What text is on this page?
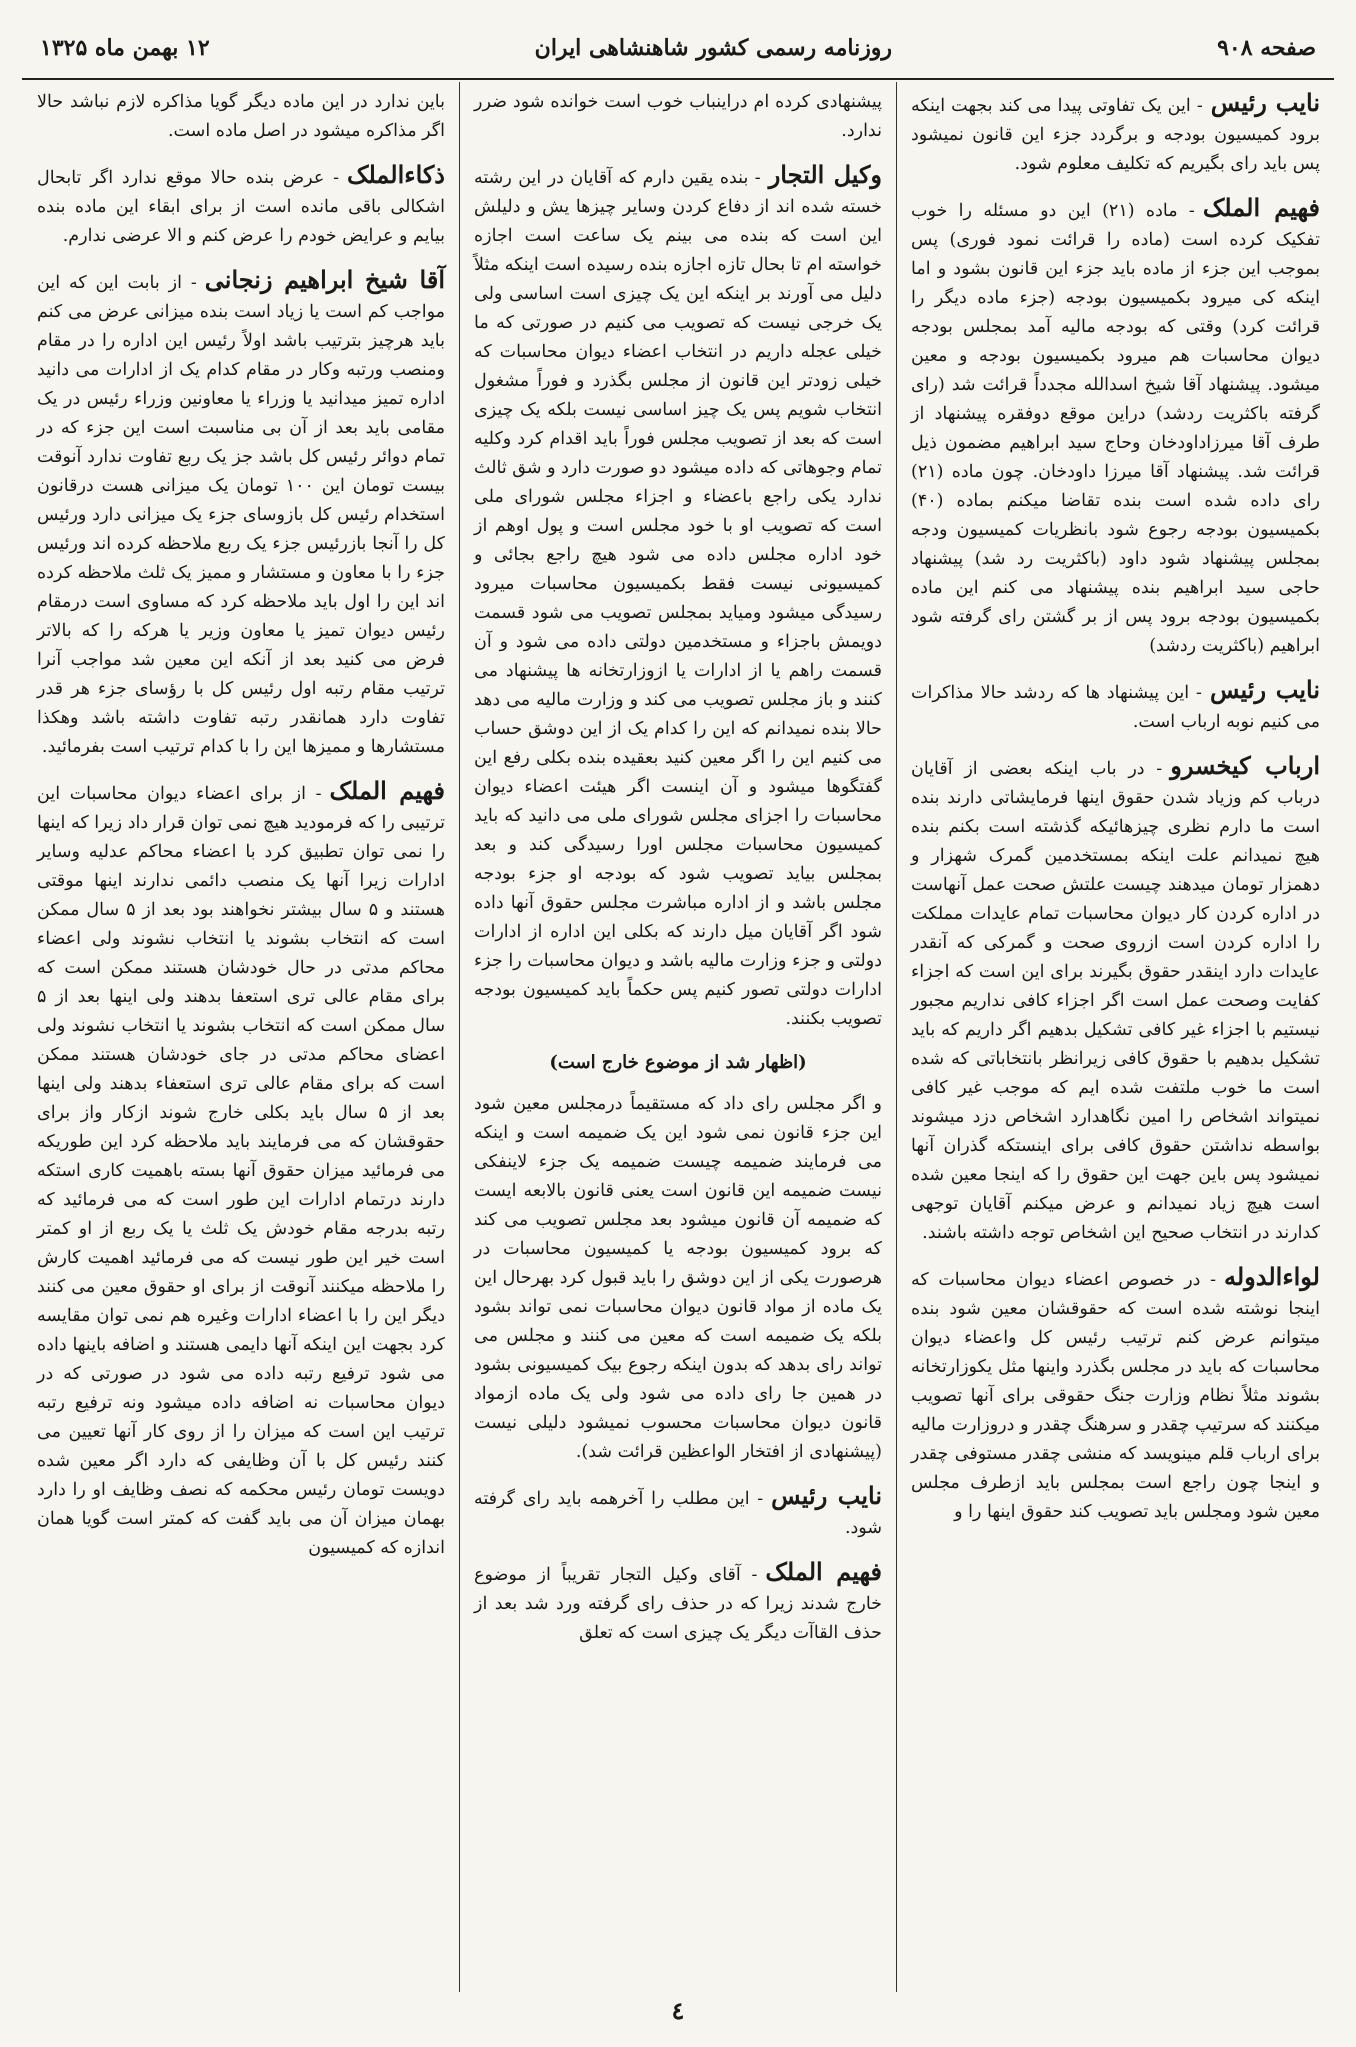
صفحه ۹۰۸
روزنامه رسمی کشور شاهنشاهی ایران
۱۲ بهمن ماه ۱۳۲۵
نایب رئیس- این یک تفاوتی پیدا می کند بجهت اینکه برود کمیسیون بودجه و برگردد جزء این قانون نمیشود پس باید رای بگیریم که تکلیف معلوم شود.
فهیم الملک- ماده (۲۱) این دو مسئله را خوب تفکیک کرده است (ماده را قرائت نمود فوری) پس بموجب این جزء از ماده باید جزء این قانون بشود و اما اینکه کی میرود بکمیسیون بودجه (جزء ماده دیگر را قرائت کرد) وقتی که بودجه مالیه آمد بمجلس بودجه دیوان محاسبات هم میرود بکمیسیون بودجه و معین میشود. پیشنهاد آقا شیخ اسدالله مجدداً قرائت شد (رای گرفته باکثریت ردشد) دراین موقع دوفقره پیشنهاد از طرف آقا میرزاداودخان وحاج سید ابراهیم مضمون ذیل قرائت شد. پیشنهاد آقا میرزا داودخان. چون ماده (۲۱) رای داده شده است بنده تقاضا میکنم بماده (۴۰) بکمیسیون بودجه رجوع شود بانظریات کمیسیون ودجه بمجلس پیشنهاد شود داود (باکثریت رد شد) پیشنهاد حاجی سید ابراهیم بنده پیشنهاد می کنم این ماده بکمیسیون بودجه برود پس از بر گشتن رای گرفته شود ابراهیم (باکثریت ردشد)
نایب رئیس- این پیشنهاد ها که ردشد حالا مذاکرات می کنیم نوبه ارباب است.
ارباب کیخسرو- در باب اینکه بعضی از آقایان درباب کم وزیاد شدن حقوق اینها فرمایشاتی دارند بنده است ما دارم نظری چیزهائیکه گذشته است بکنم بنده هیچ نمیدانم علت اینکه بمستخدمین گمرک شهزار و دهمزار تومان میدهند چیست علتش صحت عمل آنهاست در اداره کردن کار دیوان محاسبات تمام عایدات مملکت را اداره کردن است ازروی صحت و گمرکی که آنقدر عایدات دارد اینقدر حقوق بگیرند برای این است که اجزاء کفایت وصحت عمل است اگر اجزاء کافی نداریم مجبور نیستیم با اجزاء غیر کافی تشکیل بدهیم اگر داریم که باید تشکیل بدهیم با حقوق کافی زیرانظر بانتخاباتی که شده است ما خوب ملتفت شده ایم که موجب غیر کافی نمیتواند اشخاص را امین نگاهدارد اشخاص دزد میشوند بواسطه نداشتن حقوق کافی برای اینستکه گذران آنها نمیشود پس باین جهت این حقوق را که اینجا معین شده است هیچ زیاد نمیدانم و عرض میکنم آقایان توجهی کدارند در انتخاب صحیح این اشخاص توجه داشته باشند.
لواءالدوله- در خصوص اعضاء دیوان محاسبات که اینجا نوشته شده است که حقوقشان معین شود بنده میتوانم عرض کنم ترتیب رئیس کل واعضاء دیوان محاسبات که باید در مجلس بگذرد واینها مثل یکوزارتخانه بشوند مثلاً نظام وزارت جنگ حقوقی برای آنها تصویب میکنند که سرتیپ چقدر و سرهنگ چقدر و دروزارت مالیه برای ارباب قلم مینویسد که منشی چقدر مستوفی چقدر و اینجا چون راجع است بمجلس باید ازطرف مجلس معین شود ومجلس باید تصویب کند حقوق اینها را و
پیشنهادی کرده ام دراینباب خوب است خوانده شود ضرر ندارد.
وکیل التجار- بنده یقین دارم که آقایان در این رشته خسته شده اند از دفاع کردن وسایر چیزها یش و دلیلش این است که بنده می بینم یک ساعت است اجازه خواسته ام تا بحال تازه اجازه بنده رسیده است اینکه مثلاً دلیل می آورند بر اینکه این یک چیزی است اساسی ولی یک خرجی نیست که تصویب می کنیم در صورتی که ما خیلی عجله داریم در انتخاب اعضاء دیوان محاسبات که خیلی زودتر این قانون از مجلس بگذرد و فوراً مشغول انتخاب شویم پس یک چیز اساسی نیست بلکه یک چیزی است که بعد از تصویب مجلس فوراً باید اقدام کرد وکلیه تمام وجوهاتی که داده میشود دو صورت دارد و شق ثالث ندارد یکی راجع باعضاء و اجزاء مجلس شورای ملی است که تصویب او با خود مجلس است و پول اوهم از خود اداره مجلس داده می شود هیچ راجع بجائی و کمیسیونی نیست فقط بکمیسیون محاسبات میرود رسیدگی میشود ومیاید بمجلس تصویب می شود قسمت دویمش باجزاء و مستخدمین دولتی داده می شود و آن قسمت راهم یا از ادارات یا ازوزارتخانه ها پیشنهاد می کنند و باز مجلس تصویب می کند و وزارت مالیه می دهد حالا بنده نمیدانم که این را کدام یک از این دوشق حساب می کنیم این را اگر معین کنید بعقیده بنده بکلی رفع این گفتگوها میشود و آن اینست اگر هیئت اعضاء دیوان محاسبات را اجزای مجلس شورای ملی می دانید که باید کمیسیون محاسبات مجلس اورا رسیدگی کند و بعد بمجلس بیاید تصویب شود که بودجه او جزء بودجه مجلس باشد و از اداره مباشرت مجلس حقوق آنها داده شود اگر آقایان میل دارند که بکلی این اداره از ادارات دولتی و جزء وزارت مالیه باشد و دیوان محاسبات را جزء ادارات دولتی تصور کنیم پس حکماً باید کمیسیون بودجه تصویب بکنند.
(اظهار شد از موضوع خارج است)
و اگر مجلس رای داد که مستقیماً درمجلس معین شود این جزء قانون نمی شود این یک ضمیمه است و اینکه می فرمایند ضمیمه چیست ضمیمه یک جزء لاینفکی نیست ضمیمه این قانون است یعنی قانون بالابعه ایست که ضمیمه آن قانون میشود بعد مجلس تصویب می کند که برود کمیسیون بودجه یا کمیسیون محاسبات در هرصورت یکی از این دوشق را باید قبول کرد بهرحال این یک ماده از مواد قانون دیوان محاسبات نمی تواند بشود بلکه یک ضمیمه است که معین می کنند و مجلس می تواند رای بدهد که بدون اینکه رجوع بیک کمیسیونی بشود در همین جا رای داده می شود ولی یک ماده ازمواد قانون دیوان محاسبات محسوب نمیشود دلیلی نیست (پیشنهادی از افتخار الواعظین قرائت شد).
نایب رئیس- این مطلب را آخرهمه باید رای گرفته شود.
فهیم الملک- آقای وکیل التجار تقریباً از موضوع خارج شدند زیرا که در حذف رای گرفته ورد شد بعد از حذف القاآت دیگر یک چیزی است که تعلق
باین ندارد در این ماده دیگر گویا مذاکره لازم نباشد حالا اگر مذاکره میشود در اصل ماده است.
ذکاءالملک- عرض بنده حالا موقع ندارد اگر تابحال اشکالی باقی مانده است از برای ابقاء این ماده بنده بیایم و عرایض خودم را عرض کنم و الا عرضی ندارم.
آقا شیخ ابراهیم زنجانی- از بابت این که این مواجب کم است یا زیاد است بنده میزانی عرض می کنم باید هرچیز بترتیب باشد اولاً رئیس این اداره را در مقام ومنصب ورتبه وکار در مقام کدام یک از ادارات می دانید اداره تمیز میدانید یا وزراء یا معاونین وزراء رئیس در یک مقامی باید بعد از آن بی مناسبت است این جزء که در تمام دوائر رئیس کل باشد جز یک ربع تفاوت ندارد آنوقت بیست تومان این ۱۰۰ تومان یک میزانی هست درقانون استخدام رئیس کل بازوسای جزء یک میزانی دارد ورئیس کل را آنجا بازرئیس جزء یک ربع ملاحظه کرده اند ورئیس جزء را با معاون و مستشار و ممیز یک ثلث ملاحظه کرده اند این را اول باید ملاحظه کرد که مساوی است درمقام رئیس دیوان تمیز یا معاون وزیر یا هرکه را که بالاتر فرض می کنید بعد از آنکه این معین شد مواجب آنرا ترتیب مقام رتبه اول رئیس کل با رؤسای جزء هر قدر تفاوت دارد همانقدر رتبه تفاوت داشته باشد وهکذا مستشارها و ممیزها این را با کدام ترتیب است بفرمائید.
فهیم الملک- از برای اعضاء دیوان محاسبات این ترتیبی را که فرمودید هیچ نمی توان قرار داد زیرا که اینها را نمی توان تطبیق کرد با اعضاء محاکم عدلیه وسایر ادارات زیرا آنها یک منصب دائمی ندارند اینها موقتی هستند و ۵ سال بیشتر نخواهند بود بعد از ۵ سال ممکن است که انتخاب بشوند یا انتخاب نشوند ولی اعضاء محاکم مدتی در حال خودشان هستند ممکن است که برای مقام عالی تری استعفا بدهند ولی اینها بعد از ۵ سال ممکن است که انتخاب بشوند یا انتخاب نشوند ولی اعضای محاکم مدتی در جای خودشان هستند ممکن است که برای مقام عالی تری استعفاء بدهند ولی اینها بعد از ۵ سال باید بکلی خارج شوند ازکار واز برای حقوقشان که می فرمایند باید ملاحظه کرد این طوریکه می فرمائید میزان حقوق آنها بسته باهمیت کاری استکه دارند درتمام ادارات این طور است که می فرمائید که رتبه بدرجه مقام خودش یک ثلث یا یک ربع از او کمتر است خیر این طور نیست که می فرمائید اهمیت کارش را ملاحظه میکنند آنوقت از برای او حقوق معین می کنند دیگر این را با اعضاء ادارات وغیره هم نمی توان مقایسه کرد بجهت این اینکه آنها دایمی هستند و اضافه باینها داده می شود ترفیع رتبه داده می شود در صورتی که در دیوان محاسبات نه اضافه داده میشود ونه ترفیع رتبه ترتیب این است که میزان را از روی کار آنها تعیین می کنند رئیس کل با آن وظایفی که دارد اگر معین شده دویست تومان رئیس محکمه که نصف وظایف او را دارد بهمان میزان آن می باید گفت که کمتر است گویا همان اندازه که کمیسیون
٤
